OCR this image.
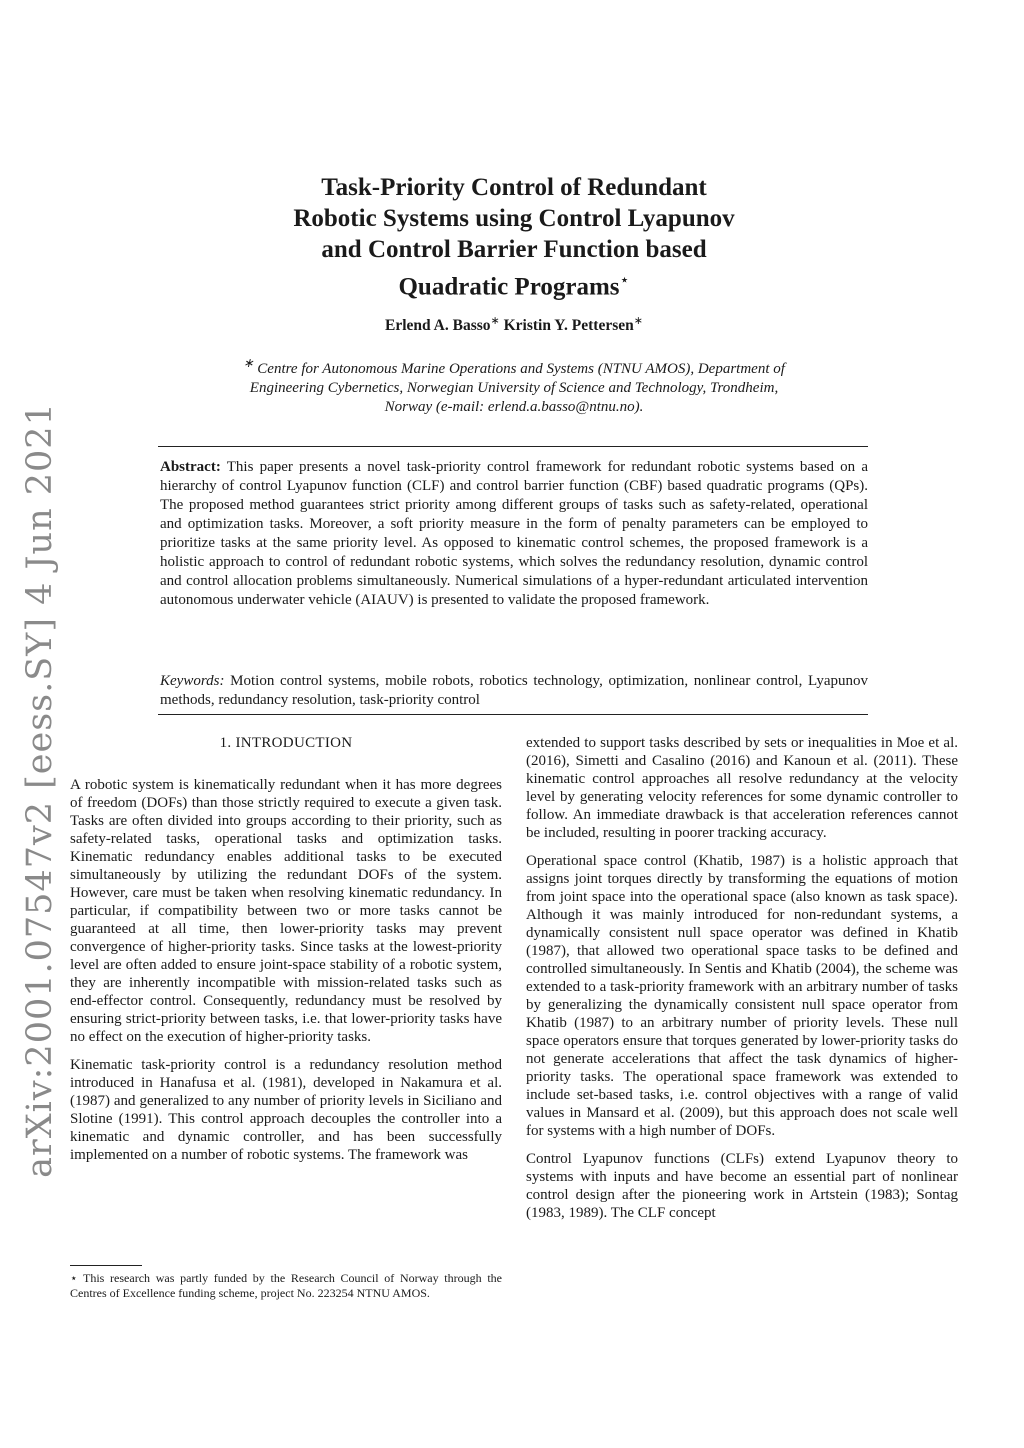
arXiv:2001.07547v2 [eess.SY] 4 Jun 2021
Task-Priority Control of Redundant
Robotic Systems using Control Lyapunov
and Control Barrier Function based
Quadratic Programs⋆
Erlend A. Basso∗ Kristin Y. Pettersen∗
∗ Centre for Autonomous Marine Operations and Systems (NTNU AMOS), Department of Engineering Cybernetics, Norwegian University of Science and Technology, Trondheim, Norway (e-mail: erlend.a.basso@ntnu.no).
Abstract: This paper presents a novel task-priority control framework for redundant robotic systems based on a hierarchy of control Lyapunov function (CLF) and control barrier function (CBF) based quadratic programs (QPs). The proposed method guarantees strict priority among different groups of tasks such as safety-related, operational and optimization tasks. Moreover, a soft priority measure in the form of penalty parameters can be employed to prioritize tasks at the same priority level. As opposed to kinematic control schemes, the proposed framework is a holistic approach to control of redundant robotic systems, which solves the redundancy resolution, dynamic control and control allocation problems simultaneously. Numerical simulations of a hyper-redundant articulated intervention autonomous underwater vehicle (AIAUV) is presented to validate the proposed framework.
Keywords: Motion control systems, mobile robots, robotics technology, optimization, nonlinear control, Lyapunov methods, redundancy resolution, task-priority control
1. INTRODUCTION

A robotic system is kinematically redundant when it has more degrees of freedom (DOFs) than those strictly required to execute a given task. Tasks are often divided into groups according to their priority, such as safety-related tasks, operational tasks and optimization tasks. Kinematic redundancy enables additional tasks to be executed simultaneously by utilizing the redundant DOFs of the system. However, care must be taken when resolving kinematic redundancy. In particular, if compatibility between two or more tasks cannot be guaranteed at all time, then lower-priority tasks may prevent convergence of higher-priority tasks. Since tasks at the lowest-priority level are often added to ensure joint-space stability of a robotic system, they are inherently incompatible with mission-related tasks such as end-effector control. Consequently, redundancy must be resolved by ensuring strict-priority between tasks, i.e. that lower-priority tasks have no effect on the execution of higher-priority tasks.

Kinematic task-priority control is a redundancy resolution method introduced in Hanafusa et al. (1981), developed in Nakamura et al. (1987) and generalized to any number of priority levels in Siciliano and Slotine (1991). This control approach decouples the controller into a kinematic and dynamic controller, and has been successfully implemented on a number of robotic systems. The framework was

extended to support tasks described by sets or inequalities in Moe et al. (2016), Simetti and Casalino (2016) and Kanoun et al. (2011). These kinematic control approaches all resolve redundancy at the velocity level by generating velocity references for some dynamic controller to follow. An immediate drawback is that acceleration references cannot be included, resulting in poorer tracking accuracy.

Operational space control (Khatib, 1987) is a holistic approach that assigns joint torques directly by transforming the equations of motion from joint space into the operational space (also known as task space). Although it was mainly introduced for non-redundant systems, a dynamically consistent null space operator was defined in Khatib (1987), that allowed two operational space tasks to be defined and controlled simultaneously. In Sentis and Khatib (2004), the scheme was extended to a task-priority framework with an arbitrary number of tasks by generalizing the dynamically consistent null space operator from Khatib (1987) to an arbitrary number of priority levels. These null space operators ensure that torques generated by lower-priority tasks do not generate accelerations that affect the task dynamics of higher-priority tasks. The operational space framework was extended to include set-based tasks, i.e. control objectives with a range of valid values in Mansard et al. (2009), but this approach does not scale well for systems with a high number of DOFs.

Control Lyapunov functions (CLFs) extend Lyapunov theory to systems with inputs and have become an essential part of nonlinear control design after the pioneering work in Artstein (1983); Sontag (1983, 1989). The CLF concept

⋆ This research was partly funded by the Research Council of Norway through the Centres of Excellence funding scheme, project No. 223254 NTNU AMOS.
